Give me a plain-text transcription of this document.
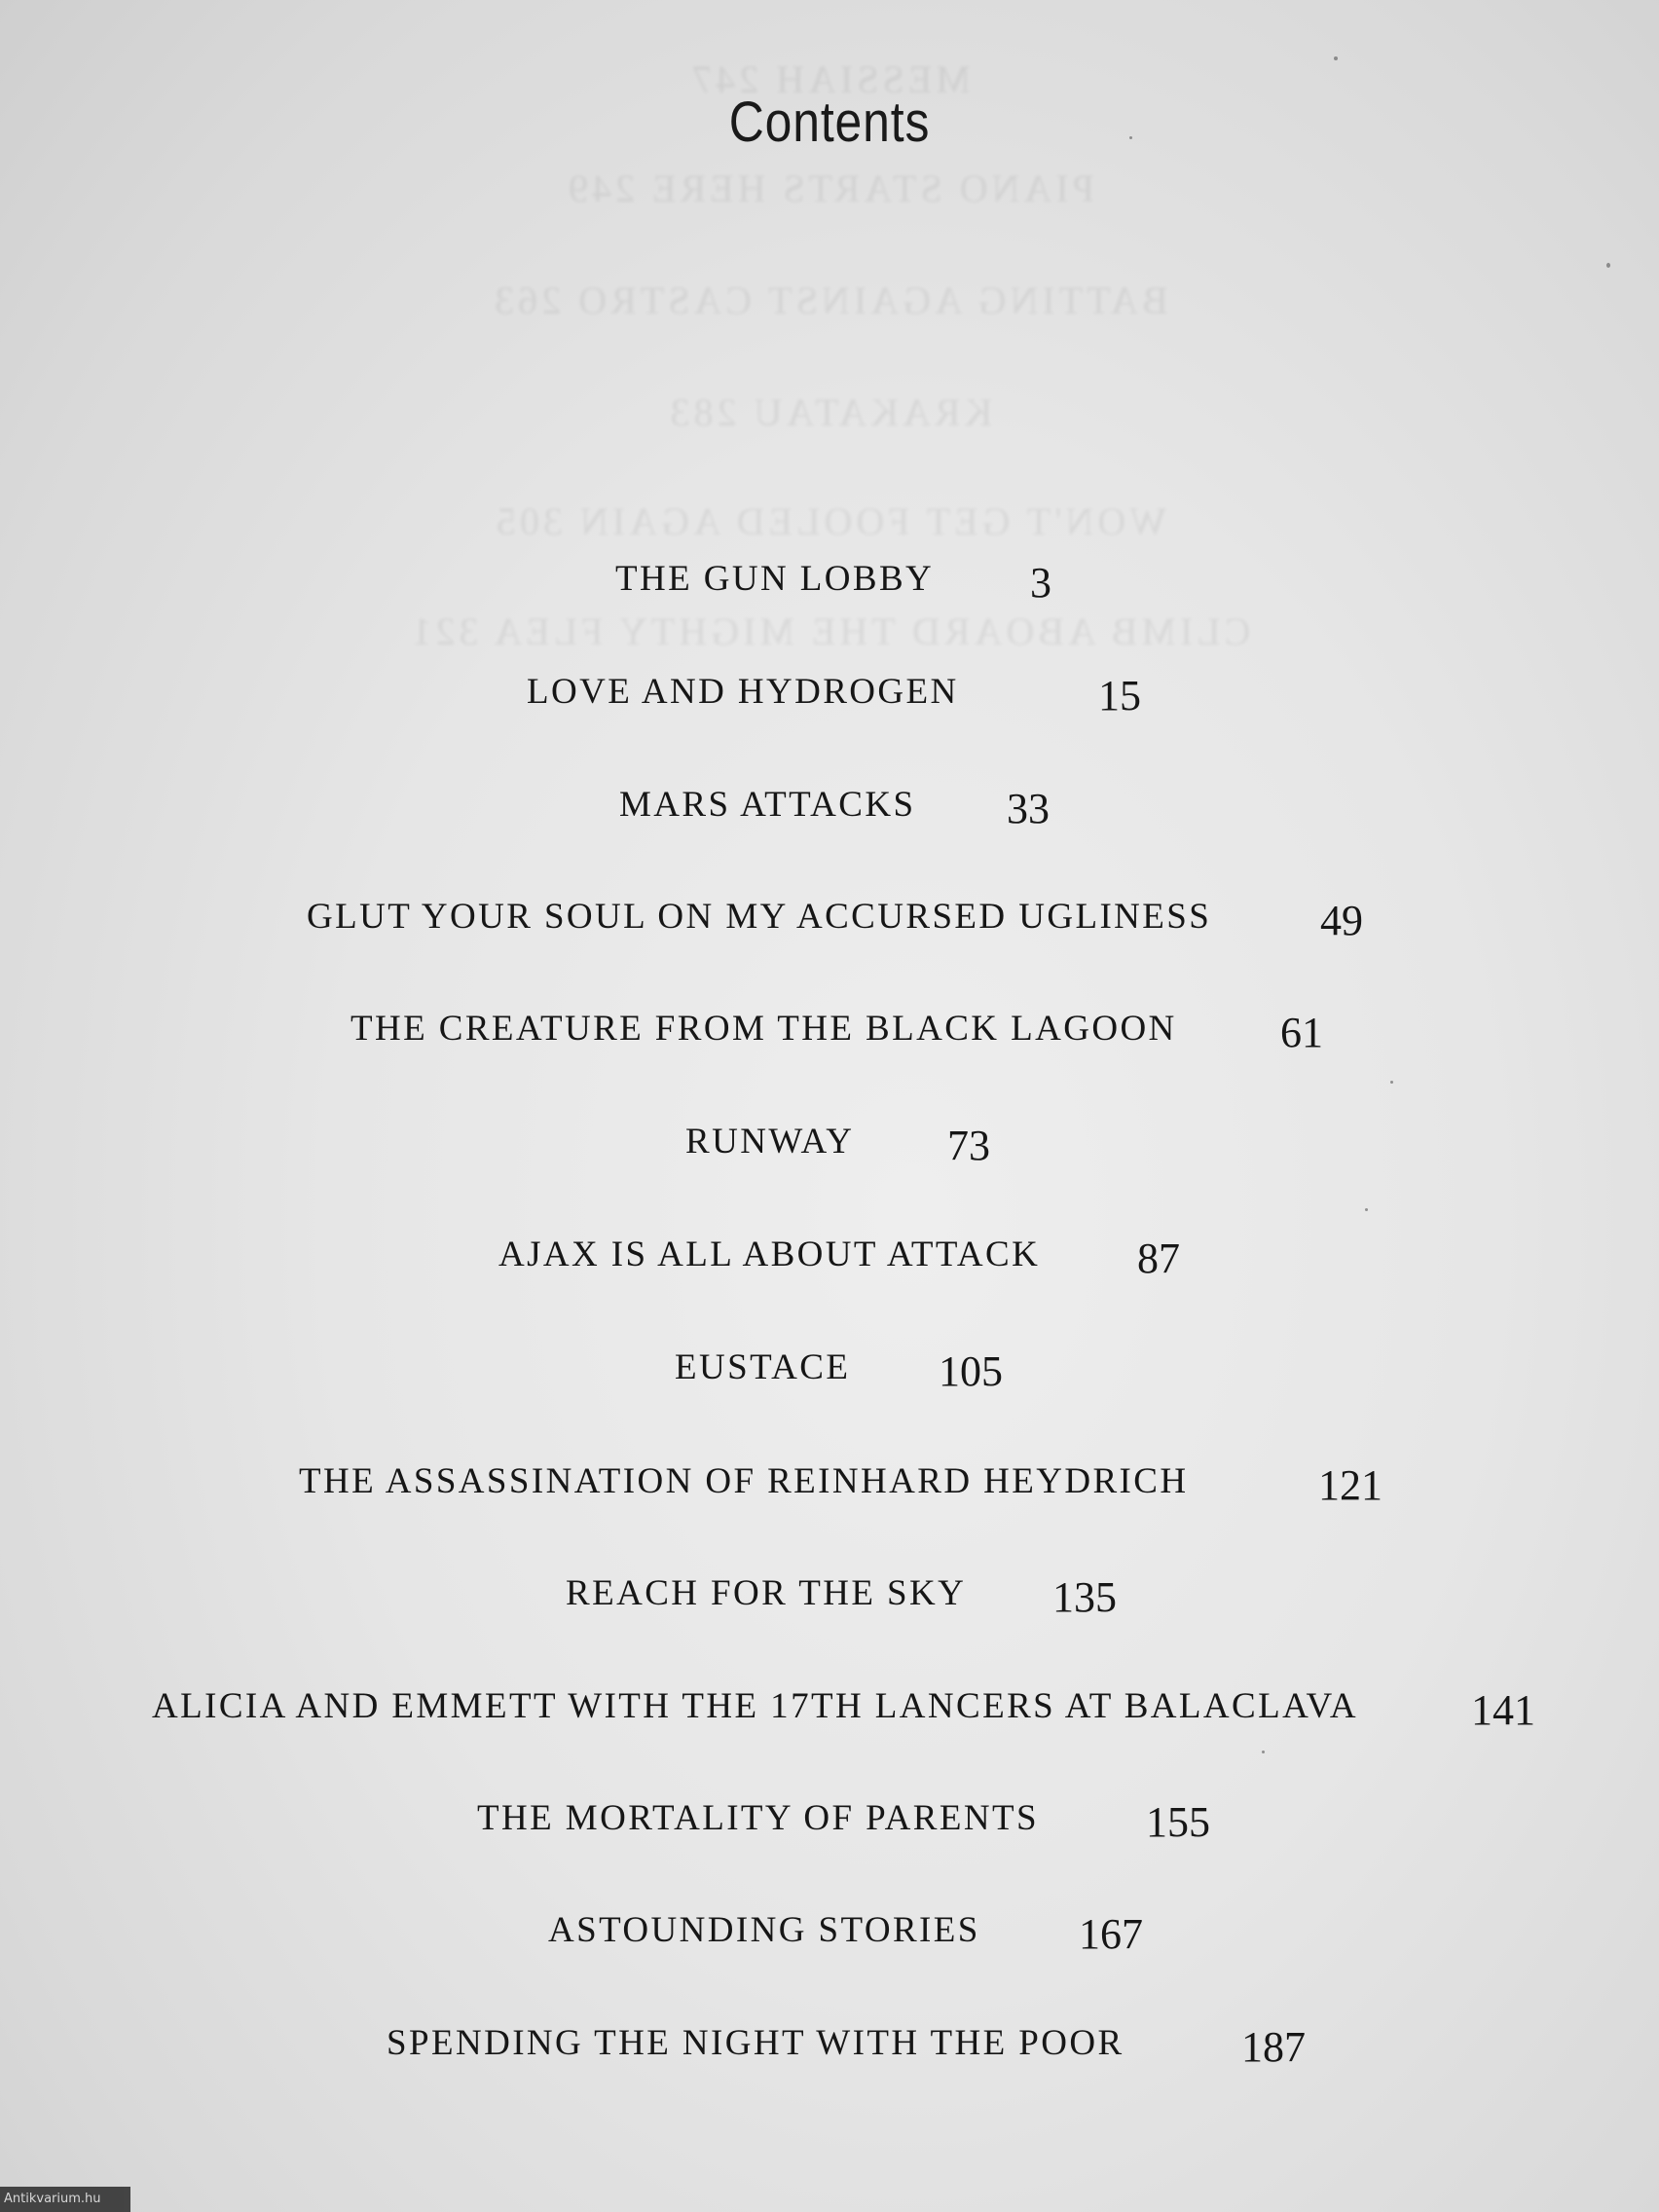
MESSIAH 247
PIANO STARTS HERE 249
BATTING AGAINST CASTRO 263
KRAKATAU 283
WON'T GET FOOLED AGAIN 305
CLIMB ABOARD THE MIGHTY FLEA 321
Contents
THE GUN LOBBY 3
LOVE AND HYDROGEN	15
MARS ATTACKS 33
GLUT YOUR SOUL ON MY ACCURSED UGLINESS	49
THE CREATURE FROM THE BLACK LAGOON 61
RUNWAY 73
AJAX IS ALL ABOUT ATTACK 87
EUSTACE 105
THE ASSASSINATION OF REINHARD HEYDRICH	121
REACH FOR THE SKY 135
ALICIA AND EMMETT WITH THE 17TH LANCERS AT BALACLAVA	141
THE MORTALITY OF PARENTS	155
ASTOUNDING STORIES 167
SPENDING THE NIGHT WITH THE POOR	187
Antikvarium.hu
